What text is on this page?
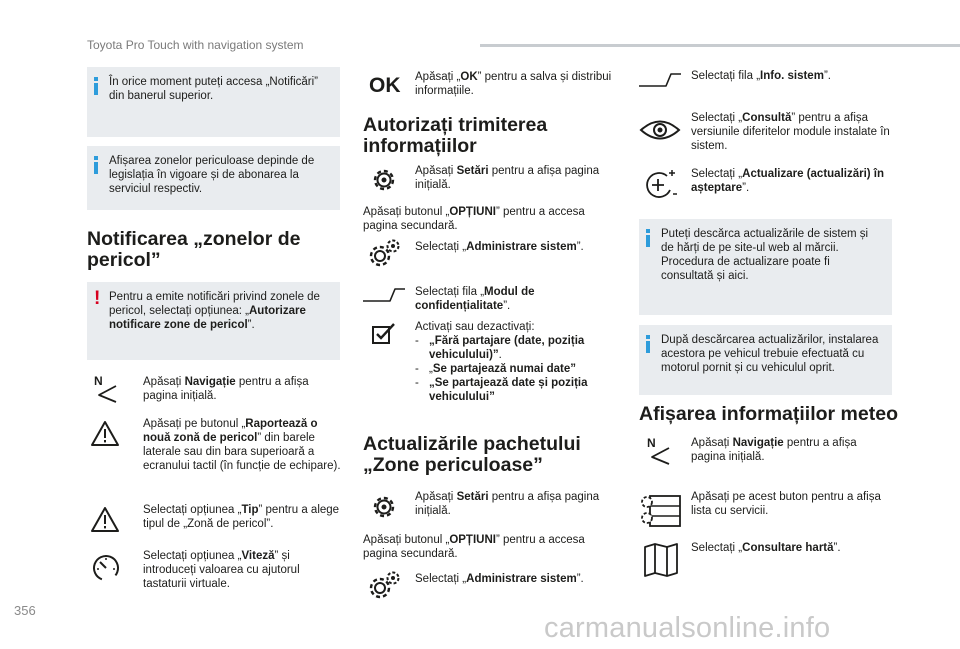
Toyota Pro Touch with navigation system
În orice moment puteți accesa „Notificări” din banerul superior.
Afișarea zonelor periculoase depinde de legislația în vigoare și de abonarea la serviciul respectiv.
Notificarea „zonelor de pericol”
! Pentru a emite notificări privind zonele de pericol, selectați opțiunea: „Autorizare notificare zone de pericol”.
N	Apăsați Navigație pentru a afișa pagina inițială.
Apăsați pe butonul „Raportează o nouă zonă de pericol” din barele laterale sau din bara superioară a ecranului tactil (în funcție de echipare).
Selectați opțiunea „Tip” pentru a alege tipul de „Zonă de pericol”.
Selectați opțiunea „Viteză” și introduceți valoarea cu ajutorul tastaturii virtuale.
OK Apăsați „OK” pentru a salva și distribui informațiile.
Autorizați trimiterea informațiilor
Apăsați Setări pentru a afișa pagina inițială.
Apăsați butonul „OPȚIUNI” pentru a accesa pagina secundară.
Selectați „Administrare sistem”.
Selectați fila „Modul de confidențialitate”.
Activați sau dezactivați:
- „Fără partajare (date, poziția vehiculului)”.
- „Se partajează numai date”
- „Se partajează date și poziția vehiculului”
Actualizările pachetului „Zone periculoase”
Apăsați Setări pentru a afișa pagina inițială.
Apăsați butonul „OPȚIUNI” pentru a accesa pagina secundară.
Selectați „Administrare sistem”.
Selectați fila „Info. sistem”.
Selectați „Consultă” pentru a afișa versiunile diferitelor module instalate în sistem.
Selectați „Actualizare (actualizări) în așteptare”.
Puteți descărca actualizările de sistem și de hărți de pe site-ul web al mărcii. Procedura de actualizare poate fi consultată și aici.
După descărcarea actualizărilor, instalarea acestora pe vehicul trebuie efectuată cu motorul pornit și cu vehiculul oprit.
Afișarea informațiilor meteo
N	Apăsați Navigație pentru a afișa pagina inițială.
Apăsați pe acest buton pentru a afișa lista cu servicii.
Selectați „Consultare hartă”.
356
carmanualsonline.info
